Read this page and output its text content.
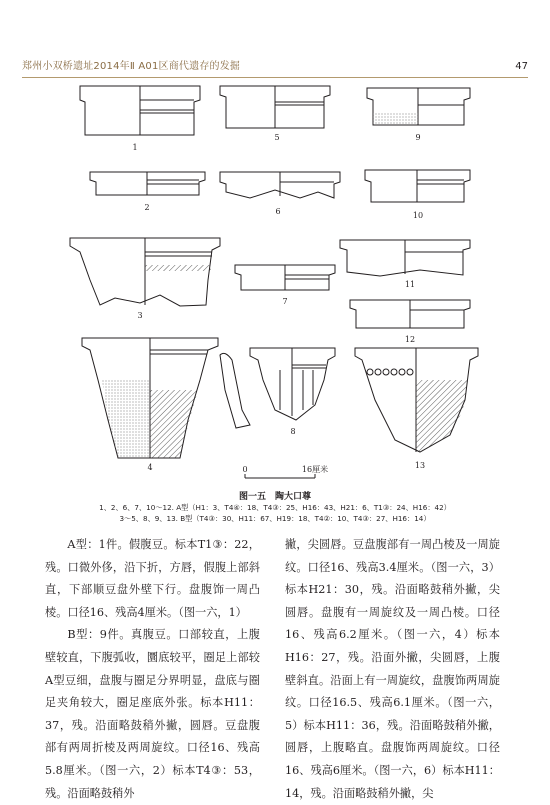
郑州小双桥遗址2014年Ⅱ A01区商代遗存的发掘	47
1
5	9
2	6	10
3
7
11
12
4
8
13
0	16厘米
图一五　陶大口尊
1、2、6、7、10～12. A型（H1：3、T4④：18、T4③：25、H16：43、H21：6、T1③：24、H16：42）
3～5、8、9、13. B型（T4③：30、H11：67、H19：18、T4②：10、T4③：27、H16：14）

A型：1件。假腹豆。标本T1③：22，残。口微外侈，沿下折，方唇，假腹上部斜直，下部顺豆盘外壁下行。盘腹饰一周凸棱。口径16、残高4厘米。（图一六，1）

B型：9件。真腹豆。口部较直，上腹壁较直，下腹弧收，圜底较平，圈足上部较A型豆细，盘腹与圈足分界明显，盘底与圈足夹角较大，圈足座底外张。标本H11：37，残。沿面略鼓稍外撇，圆唇。豆盘腹部有两周折棱及两周旋纹。口径16、残高5.8厘米。（图一六，2）标本T4③：53，残。沿面略鼓稍外

撇，尖圆唇。豆盘腹部有一周凸棱及一周旋纹。口径16、残高3.4厘米。（图一六，3）标本H21：30，残。沿面略鼓稍外撇，尖圆唇。盘腹有一周旋纹及一周凸棱。口径16、残高6.2厘米。（图一六，4）标本H16：27，残。沿面外撇，尖圆唇，上腹壁斜直。沿面上有一周旋纹，盘腹饰两周旋纹。口径16.5、残高6.1厘米。（图一六，5）标本H11：36，残。沿面略鼓稍外撇，圆唇，上腹略直。盘腹饰两周旋纹。口径16、残高6厘米。（图一六，6）标本H11：14，残。沿面略鼓稍外撇，尖
